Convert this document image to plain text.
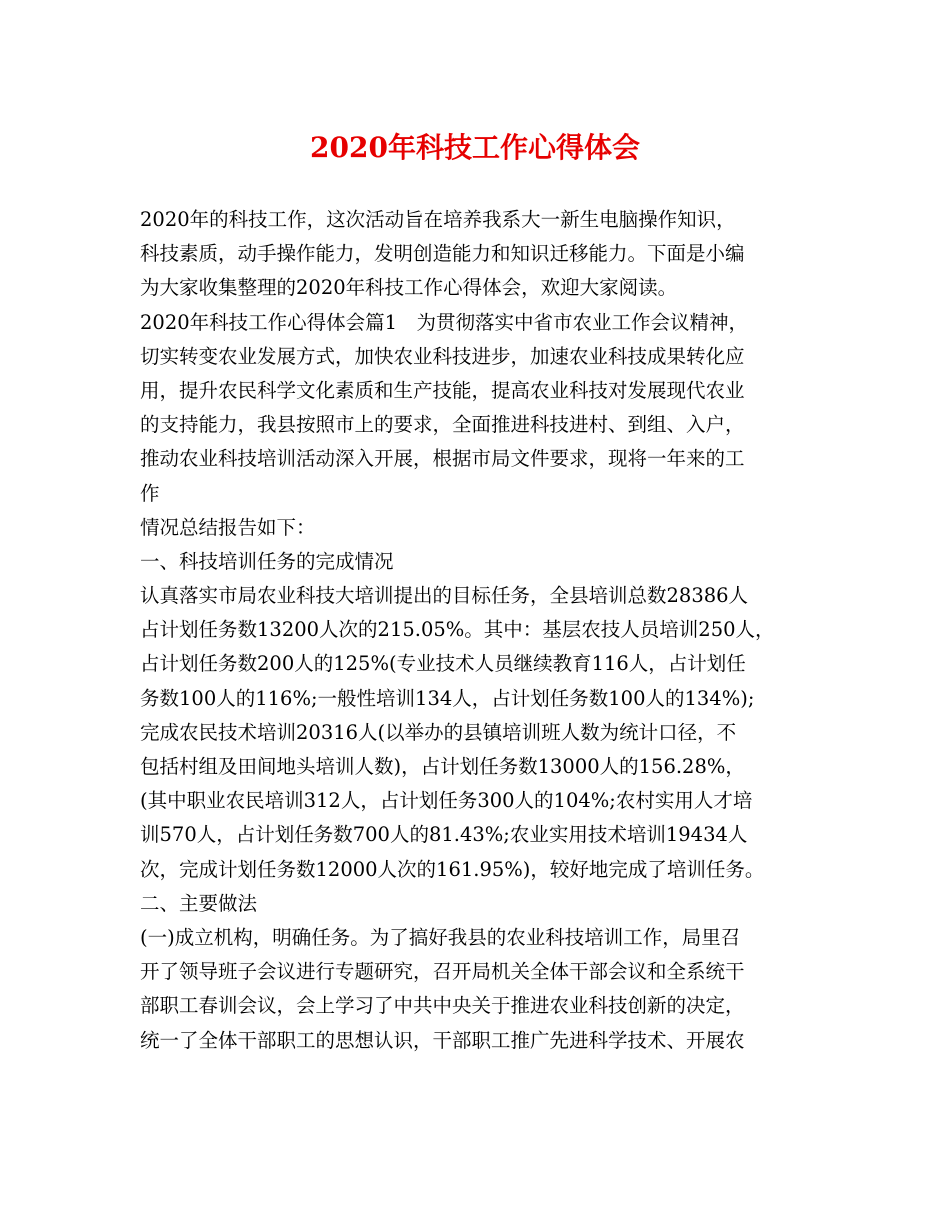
2020年科技工作心得体会
2020年的科技工作，这次活动旨在培养我系大一新生电脑操作知识，
科技素质，动手操作能力，发明创造能力和知识迁移能力。下面是小编
为大家收集整理的2020年科技工作心得体会，欢迎大家阅读。
2020年科技工作心得体会篇1　为贯彻落实中省市农业工作会议精神，
切实转变农业发展方式，加快农业科技进步，加速农业科技成果转化应
用，提升农民科学文化素质和生产技能，提高农业科技对发展现代农业
的支持能力，我县按照市上的要求，全面推进科技进村、到组、入户，
推动农业科技培训活动深入开展，根据市局文件要求，现将一年来的工
作
情况总结报告如下：
一、科技培训任务的完成情况
认真落实市局农业科技大培训提出的目标任务，全县培训总数28386人
占计划任务数13200人次的215.05%。其中：基层农技人员培训250人，
占计划任务数200人的125%(专业技术人员继续教育116人，占计划任
务数100人的116%;一般性培训134人，占计划任务数100人的134%);
完成农民技术培训20316人(以举办的县镇培训班人数为统计口径，不
包括村组及田间地头培训人数)，占计划任务数13000人的156.28%，
(其中职业农民培训312人，占计划任务300人的104%;农村实用人才培
训570人，占计划任务数700人的81.43%;农业实用技术培训19434人
次，完成计划任务数12000人次的161.95%)，较好地完成了培训任务。
二、主要做法
(一)成立机构，明确任务。为了搞好我县的农业科技培训工作，局里召
开了领导班子会议进行专题研究，召开局机关全体干部会议和全系统干
部职工春训会议，会上学习了中共中央关于推进农业科技创新的决定，
统一了全体干部职工的思想认识，干部职工推广先进科学技术、开展农
